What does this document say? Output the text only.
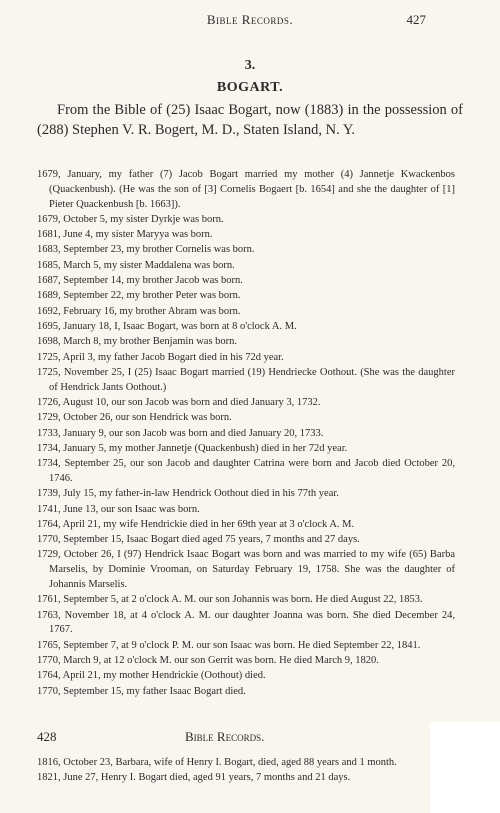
Bible Records.	427
3.
BOGART.
From the Bible of (25) Isaac Bogart, now (1883) in the possession of (288) Stephen V. R. Bogert, M. D., Staten Island, N. Y.
1679, January, my father (7) Jacob Bogart married my mother (4) Jannetje Kwackenbos (Quackenbush). (He was the son of [3] Cornelis Bogaert [b. 1654] and she the daughter of [1] Pieter Quackenbush [b. 1663]).
1679, October 5, my sister Dyrkje was born.
1681, June 4, my sister Maryya was born.
1683, September 23, my brother Cornelis was born.
1685, March 5, my sister Maddalena was born.
1687, September 14, my brother Jacob was born.
1689, September 22, my brother Peter was born.
1692, February 16, my brother Abram was born.
1695, January 18, I, Isaac Bogart, was born at 8 o'clock A. M.
1698, March 8, my brother Benjamin was born.
1725, April 3, my father Jacob Bogart died in his 72d year.
1725, November 25, I (25) Isaac Bogart married (19) Hendriecke Oothout. (She was the daughter of Hendrick Jants Oothout.)
1726, August 10, our son Jacob was born and died January 3, 1732.
1729, October 26, our son Hendrick was born.
1733, January 9, our son Jacob was born and died January 20, 1733.
1734, January 5, my mother Jannetje (Quackenbush) died in her 72d year.
1734, September 25, our son Jacob and daughter Catrina were born and Jacob died October 20, 1746.
1739, July 15, my father-in-law Hendrick Oothout died in his 77th year.
1741, June 13, our son Isaac was born.
1764, April 21, my wife Hendrickie died in her 69th year at 3 o'clock A. M.
1770, September 15, Isaac Bogart died aged 75 years, 7 months and 27 days.
1729, October 26, I (97) Hendrick Isaac Bogart was born and was married to my wife (65) Barba Marselis, by Dominie Vrooman, on Saturday February 19, 1758. She was the daughter of Johannis Marselis.
1761, September 5, at 2 o'clock A. M. our son Johannis was born. He died August 22, 1853.
1763, November 18, at 4 o'clock A. M. our daughter Joanna was born. She died December 24, 1767.
1765, September 7, at 9 o'clock P. M. our son Isaac was born. He died September 22, 1841.
1770, March 9, at 12 o'clock M. our son Gerrit was born. He died March 9, 1820.
1764, April 21, my mother Hendrickie (Oothout) died.
1770, September 15, my father Isaac Bogart died.
428	Bible Records.
1816, October 23, Barbara, wife of Henry I. Bogart, died, aged 88 years and 1 month.
1821, June 27, Henry I. Bogart died, aged 91 years, 7 months and 21 days.
